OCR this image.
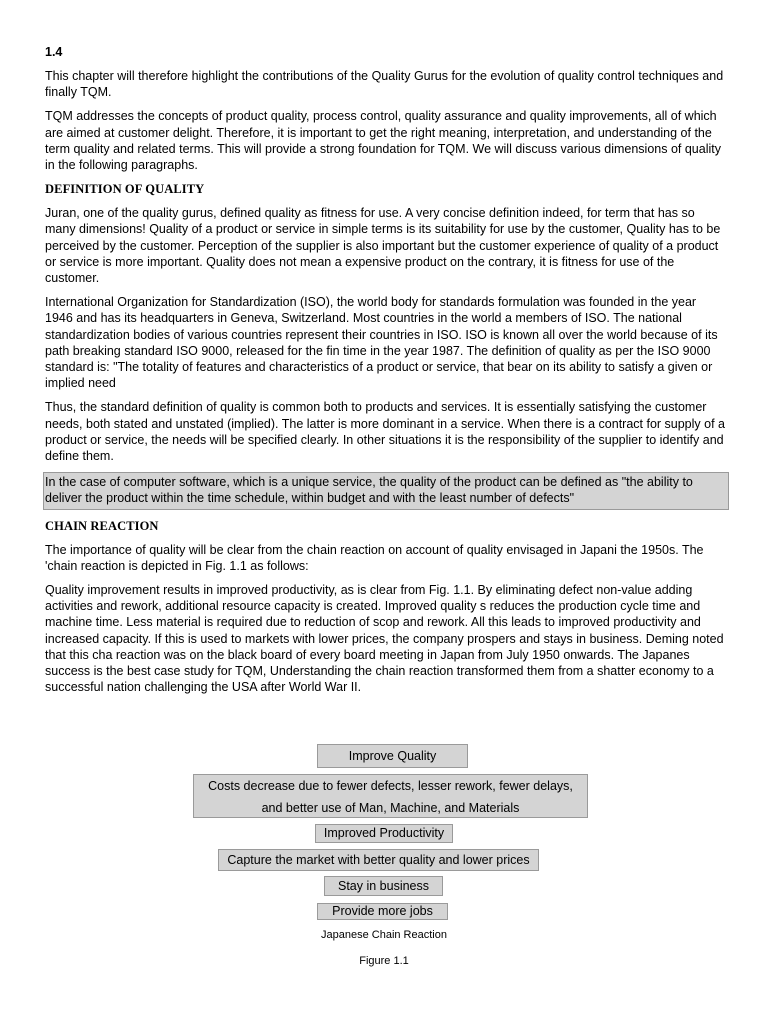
1.4

This chapter will therefore highlight the contributions of the Quality Gurus for the evolution of quality control techniques and finally TQM.

TQM addresses the concepts of product quality, process control, quality assurance and quality improvements, all of which are aimed at customer delight. Therefore, it is important to get the right meaning, interpretation, and understanding of the term quality and related terms. This will provide a strong foundation for TQM. We will discuss various dimensions of quality in the following paragraphs.

DEFINITION OF QUALITY

Juran, one of the quality gurus, defined quality as fitness for use. A very concise definition indeed, for term that has so many dimensions! Quality of a product or service in simple terms is its suitability for use by the customer, Quality has to be perceived by the customer. Perception of the supplier is also important but the customer experience of quality of a product or service is more important. Quality does not mean a expensive product on the contrary, it is fitness for use of the customer.

International Organization for Standardization (ISO), the world body for standards formulation was founded in the year 1946 and has its headquarters in Geneva, Switzerland. Most countries in the world a members of ISO. The national standardization bodies of various countries represent their countries in ISO. ISO is known all over the world because of its path breaking standard ISO 9000, released for the fin time in the year 1987. The definition of quality as per the ISO 9000 standard is: "The totality of features and characteristics of a product or service, that bear on its ability to satisfy a given or implied need

Thus, the standard definition of quality is common both to products and services. It is essentially satisfying the customer needs, both stated and unstated (implied). The latter is more dominant in a service. When there is a contract for supply of a product or service, the needs will be specified clearly. In other situations it is the responsibility of the supplier to identify and define them.

In the case of computer software, which is a unique service, the quality of the product can be defined as "the ability to deliver the product within the time schedule, within budget and with the least number of defects"
CHAIN REACTION

The importance of quality will be clear from the chain reaction on account of quality envisaged in Japani the 1950s. The 'chain reaction is depicted in Fig. 1.1 as follows:

Quality improvement results in improved productivity, as is clear from Fig. 1.1. By eliminating defect non-value adding activities and rework, additional resource capacity is created. Improved quality s reduces the production cycle time and machine time. Less material is required due to reduction of scop and rework. All this leads to improved productivity and increased capacity. If this is used to markets with lower prices, the company prospers and stays in business. Deming noted that this cha reaction was on the black board of every board meeting in Japan from July 1950 onwards. The Japanes success is the best case study for TQM, Understanding the chain reaction transformed them from a shatter economy to a successful nation challenging the USA after World War II.

Improve Quality
Costs decrease due to fewer defects, lesser rework, fewer delays,
and better use of Man, Machine, and Materials
Improved Productivity
Capture the market with better quality and lower prices
Stay in business
Provide more jobs
Japanese Chain Reaction
Figure 1.1
